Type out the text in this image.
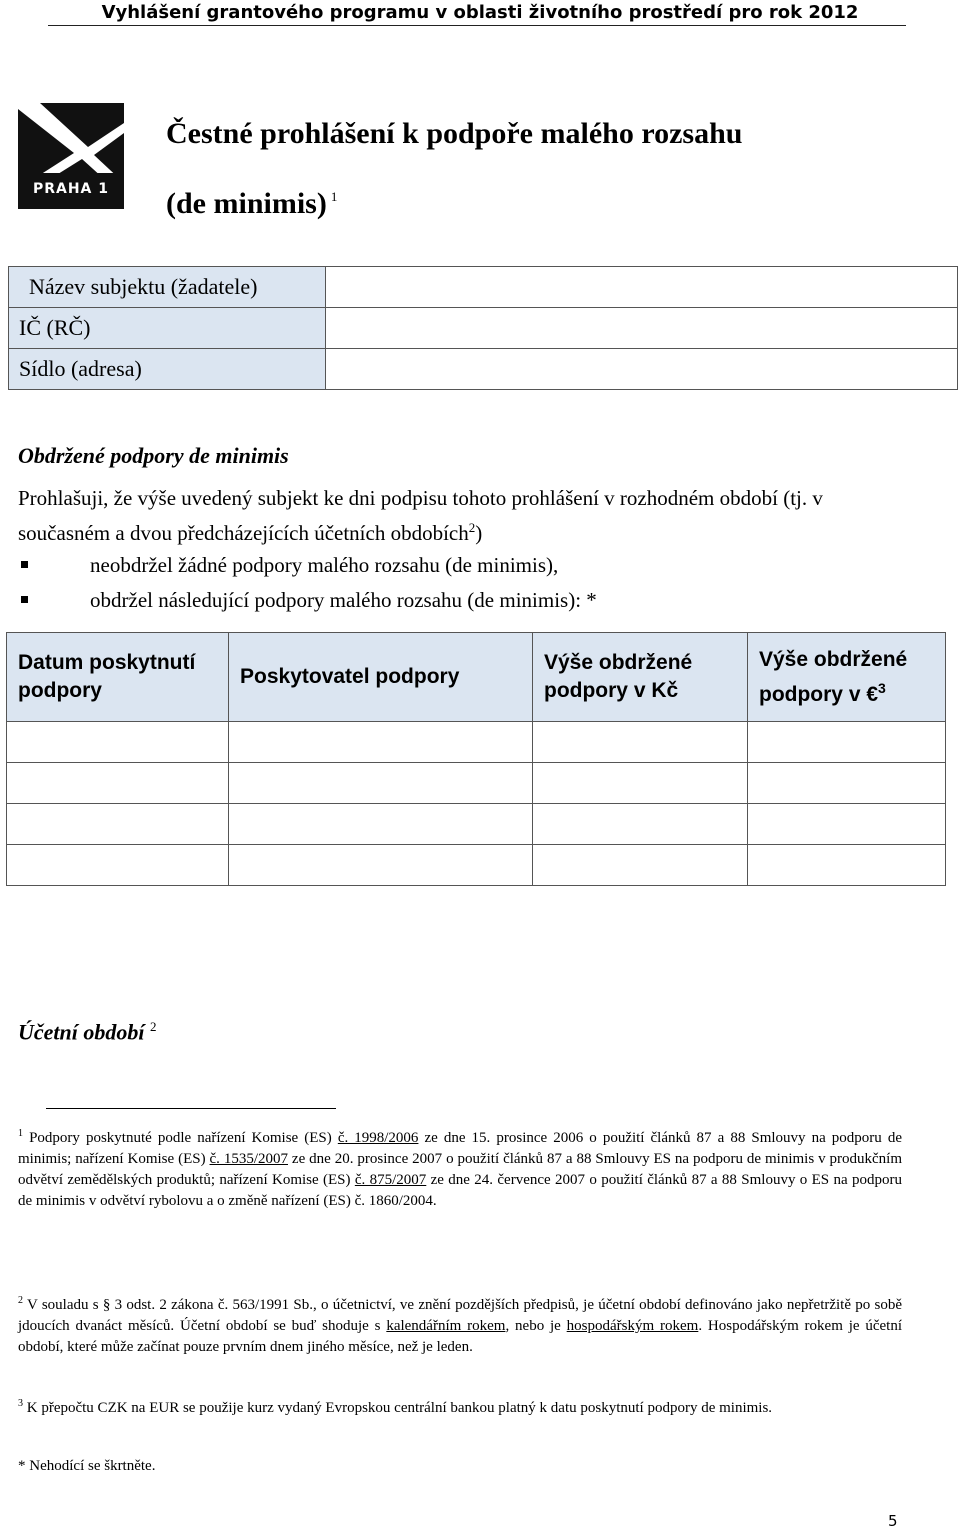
Vyhlášení grantového programu v oblasti životního prostředí pro rok 2012
PRAHA 1
Čestné prohlášení k podpoře malého rozsahu
(de minimis) $^1$
Název subjektu (žadatele)	
IČ (RČ)	
Sídlo (adresa)	
Obdržené podpory de minimis
Prohlašuji, že výše uvedený subjekt ke dni podpisu tohoto prohlášení v rozhodném období (tj. v současném a dvou předcházejících účetních obdobích$^2$)
neobdržel žádné podpory malého rozsahu (de minimis),
obdržel následující podpory malého rozsahu (de minimis): *
Datum poskytnutí podpory	Poskytovatel podpory	Výše obdržené podpory v Kč	Výše obdržené podpory v €$^3$

Účetní období $^2$
$^1$ Podpory poskytnuté podle nařízení Komise (ES) č. 1998/2006 ze dne 15. prosince 2006 o použití článků 87 a 88 Smlouvy na podporu de minimis; nařízení Komise (ES) č. 1535/2007 ze dne 20. prosince 2007 o použití článků 87 a 88 Smlouvy ES na podporu de minimis v produkčním odvětví zemědělských produktů; nařízení Komise (ES) č. 875/2007 ze dne 24. července 2007 o použití článků 87 a 88 Smlouvy o ES na podporu de minimis v odvětví rybolovu a o změně nařízení (ES) č. 1860/2004.
$^2$ V souladu s § 3 odst. 2 zákona č. 563/1991 Sb., o účetnictví, ve znění pozdějších předpisů, je účetní období definováno jako nepřetržitě po sobě jdoucích dvanáct měsíců. Účetní období se buď shoduje s kalendářním rokem, nebo je hospodářským rokem. Hospodářským rokem je účetní období, které může začínat pouze prvním dnem jiného měsíce, než je leden.
$^3$ K přepočtu CZK na EUR se použije kurz vydaný Evropskou centrální bankou platný k datu poskytnutí podpory de minimis.
* Nehodící se škrtněte.
5
